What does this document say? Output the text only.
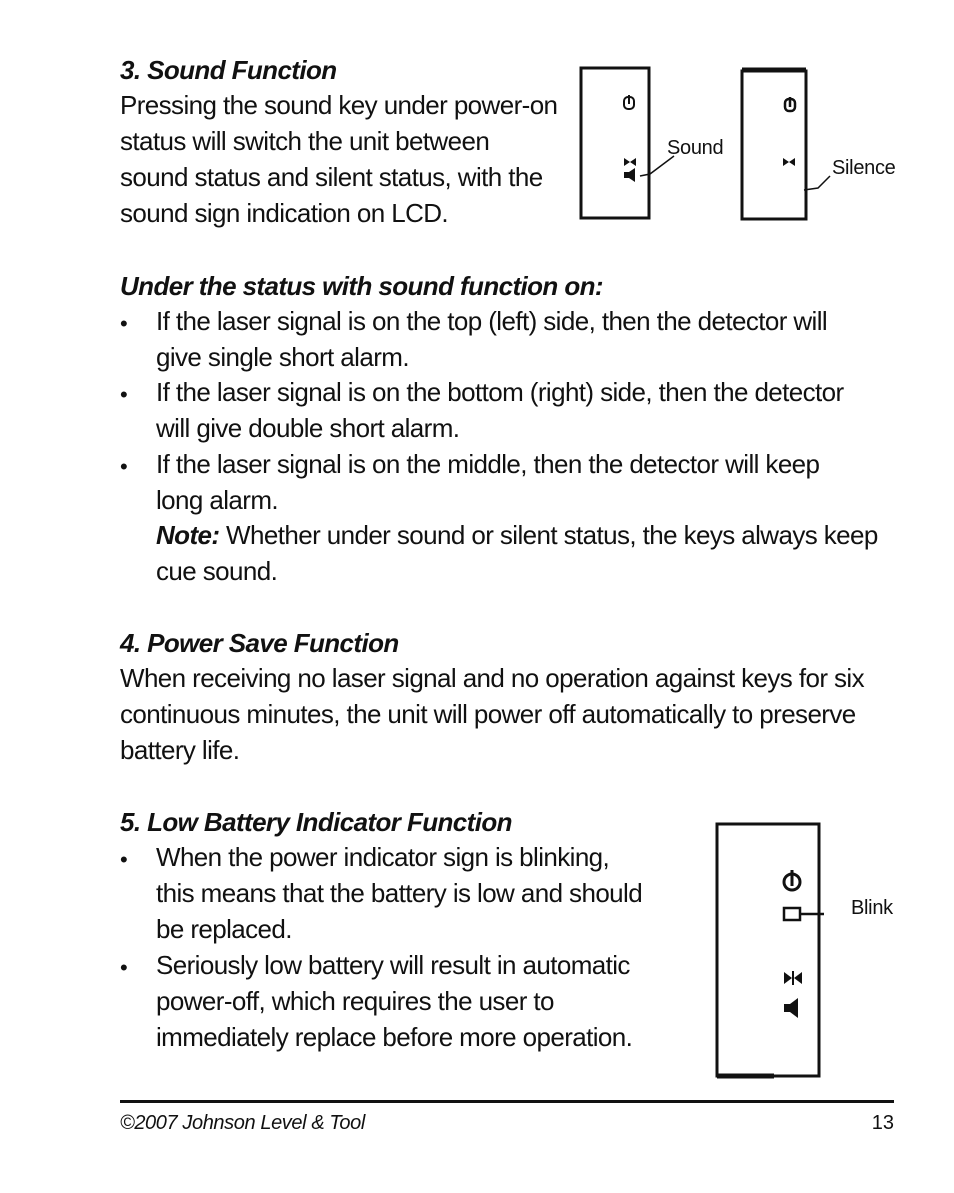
3. Sound Function
Pressing the sound key under power-on
status will switch the unit between
sound status and silent status, with the
sound sign indication on LCD.
Sound
Silence
Under the status with sound function on:
• If the laser signal is on the top (left) side, then the detector will
give single short alarm.
• If the laser signal is on the bottom (right) side, then the detector
will give double short alarm.
• If the laser signal is on the middle, then the detector will keep
long alarm.
Note: Whether under sound or silent status, the keys always keep
cue sound.
4. Power Save Function
When receiving no laser signal and no operation against keys for six
continuous minutes, the unit will power off automatically to preserve
battery life.
5. Low Battery Indicator Function
• When the power indicator sign is blinking,
this means that the battery is low and should
be replaced.
• Seriously low battery will result in automatic
power-off, which requires the user to
immediately replace before more operation.
Blink
©2007 Johnson Level & Tool	13
